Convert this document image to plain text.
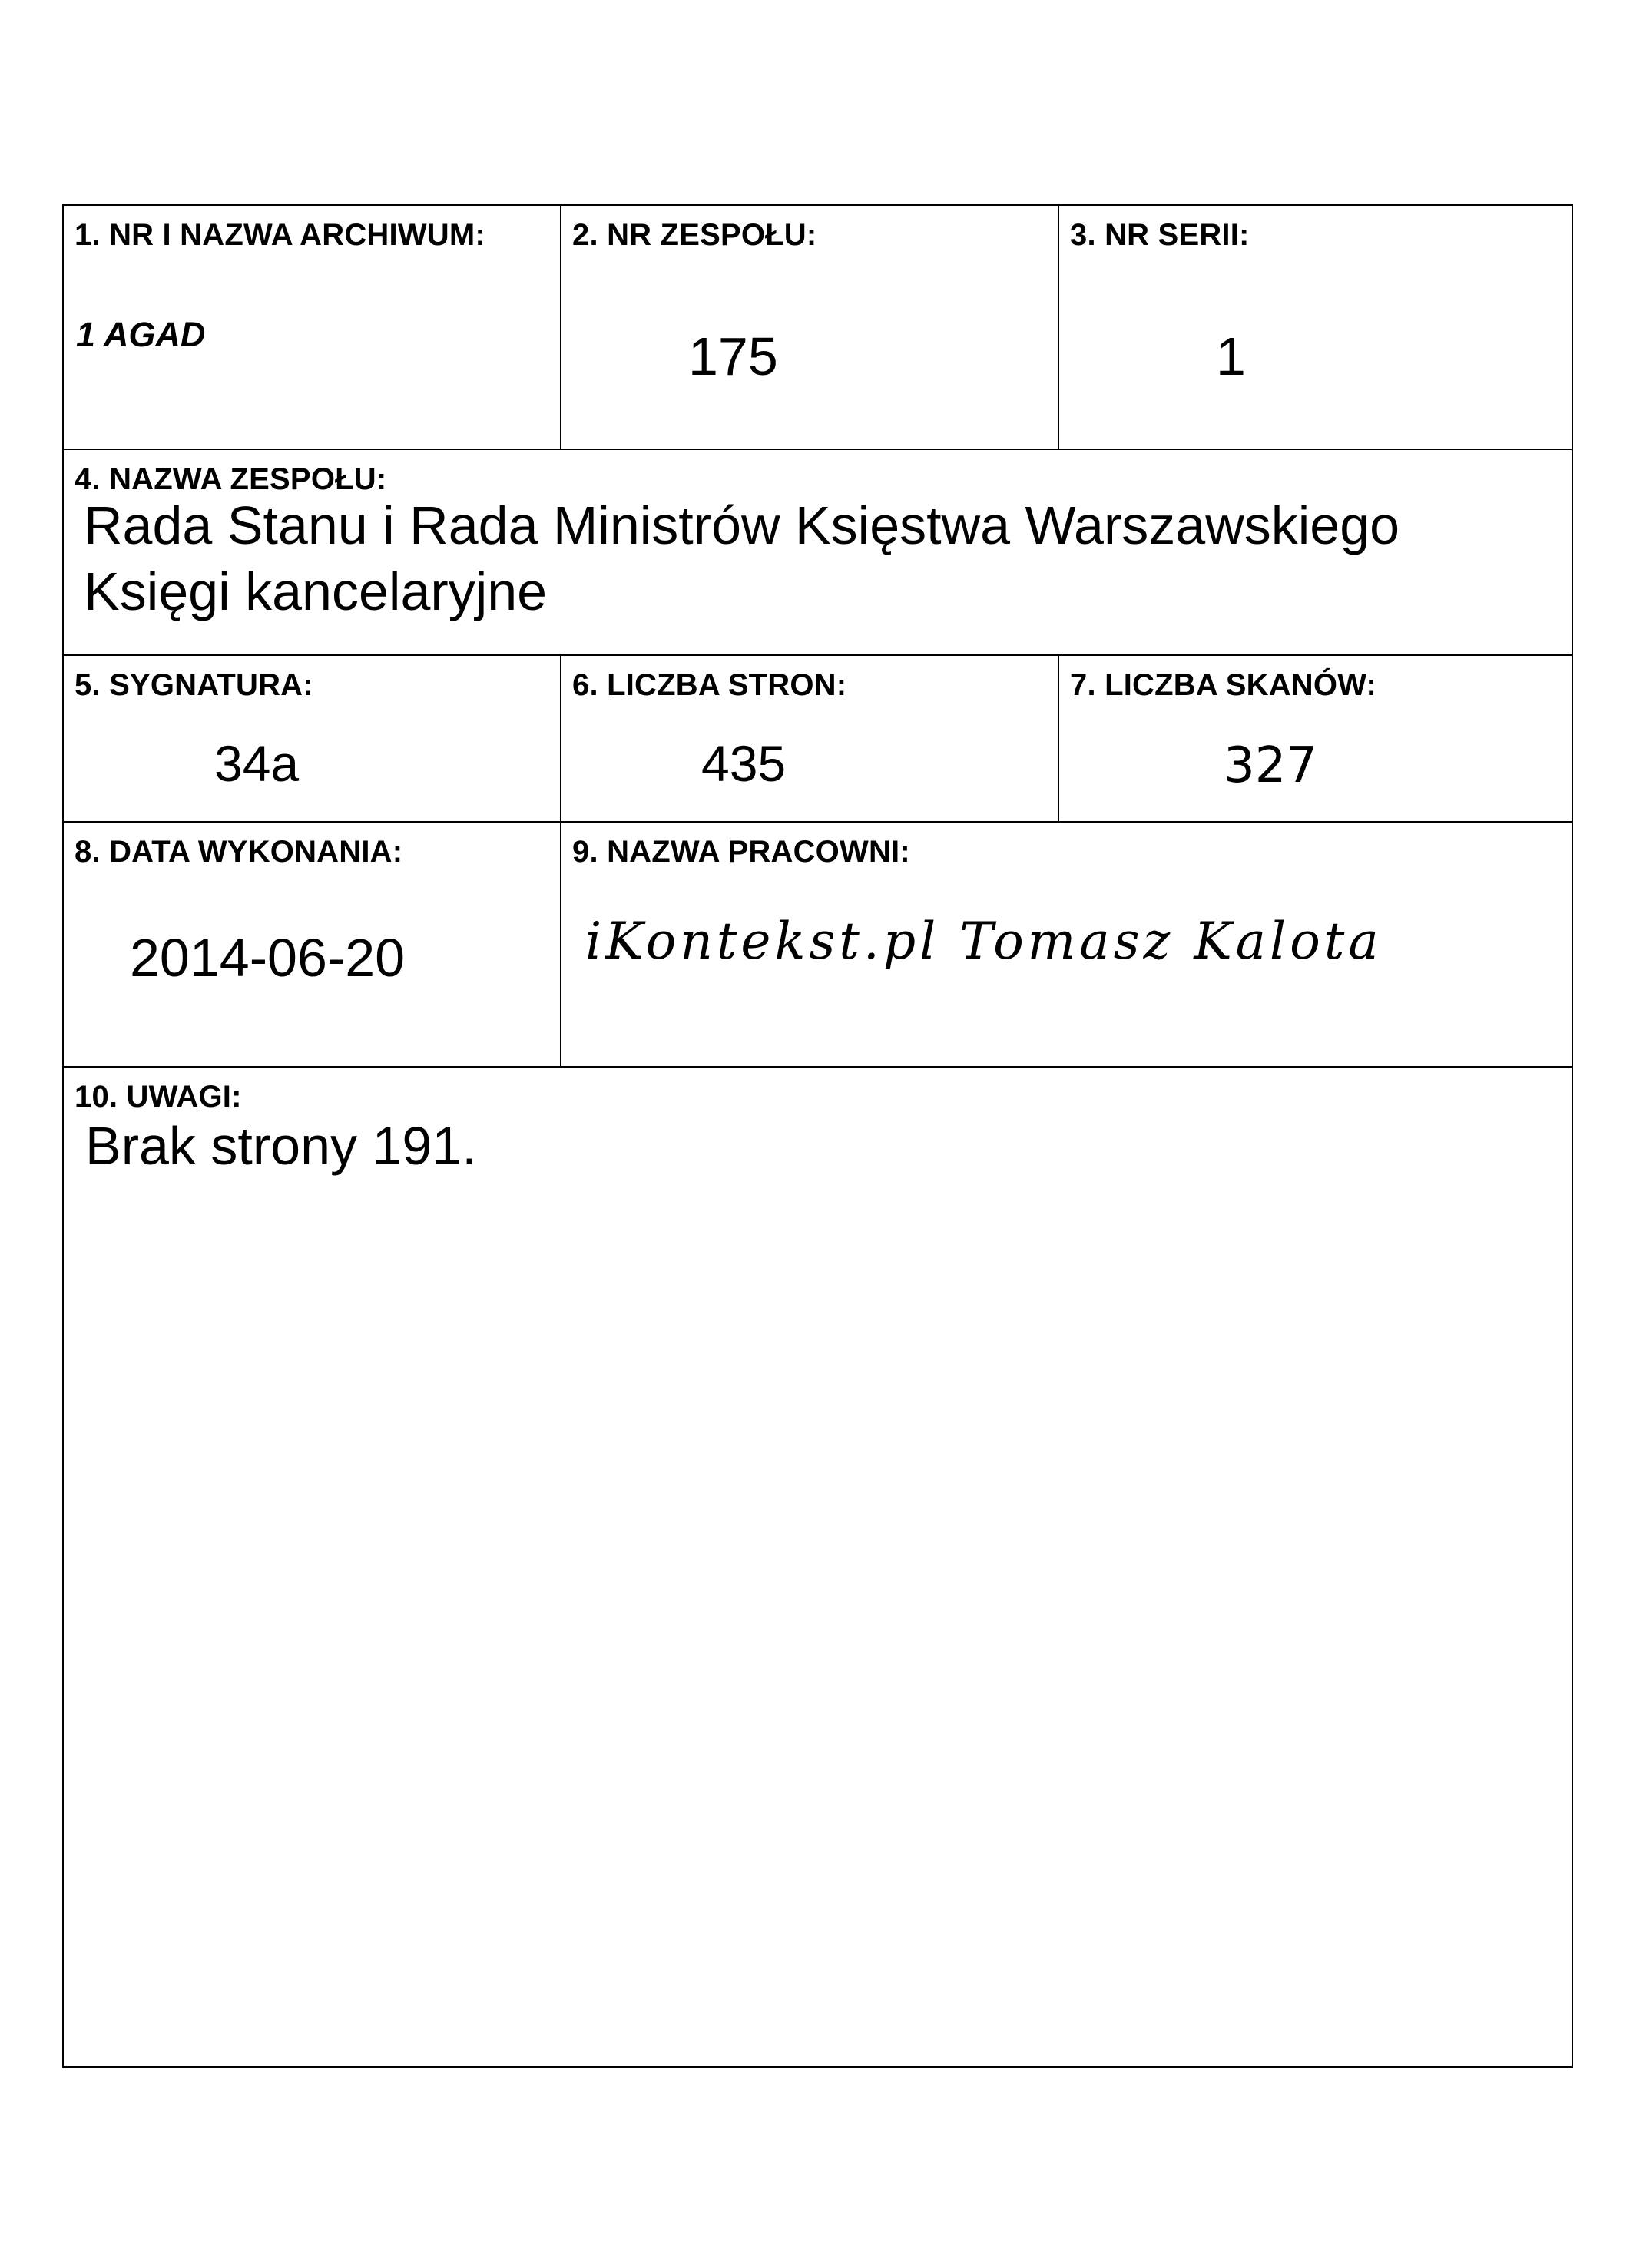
1. NR I NAZWA ARCHIWUM:
1 AGAD
2. NR ZESPOŁU:
175
3. NR SERII:
1
4. NAZWA ZESPOŁU:
Rada Stanu i Rada Ministrów Księstwa Warszawskiego
Księgi kancelaryjne
5. SYGNATURA:
34a
6. LICZBA STRON:
435
7. LICZBA SKANÓW:
327
8. DATA WYKONANIA:
2014-06-20
9. NAZWA PRACOWNI:
iKontekst.pl Tomasz Kalota
10. UWAGI:
Brak strony 191.
